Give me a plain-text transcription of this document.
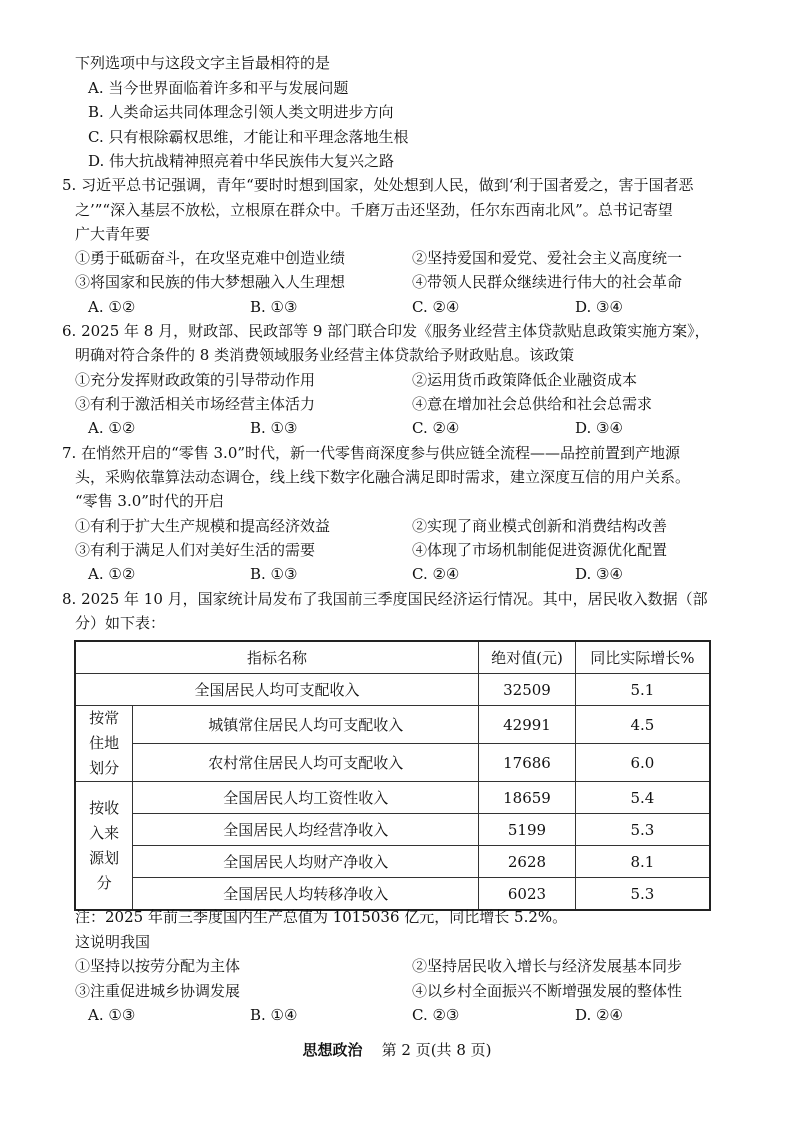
下列选项中与这段文字主旨最相符的是
A. 当今世界面临着许多和平与发展问题
B. 人类命运共同体理念引领人类文明进步方向
C. 只有根除霸权思维，才能让和平理念落地生根
D. 伟大抗战精神照亮着中华民族伟大复兴之路
5. 习近平总书记强调，青年“要时时想到国家，处处想到人民，做到‘利于国者爱之，害于国者恶
之’”“深入基层不放松，立根原在群众中。千磨万击还坚劲，任尔东西南北风”。总书记寄望
广大青年要
①勇于砥砺奋斗，在攻坚克难中创造业绩	②坚持爱国和爱党、爱社会主义高度统一
③将国家和民族的伟大梦想融入人生理想	④带领人民群众继续进行伟大的社会革命
A. ①②	B. ①③	C. ②④	D. ③④
6. 2025 年 8 月，财政部、民政部等 9 部门联合印发《服务业经营主体贷款贴息政策实施方案》，
明确对符合条件的 8 类消费领域服务业经营主体贷款给予财政贴息。该政策
①充分发挥财政政策的引导带动作用	②运用货币政策降低企业融资成本
③有利于激活相关市场经营主体活力	④意在增加社会总供给和社会总需求
A. ①②	B. ①③	C. ②④	D. ③④
7. 在悄然开启的“零售 3.0”时代，新一代零售商深度参与供应链全流程——品控前置到产地源
头，采购依靠算法动态调仓，线上线下数字化融合满足即时需求，建立深度互信的用户关系。
“零售 3.0”时代的开启
①有利于扩大生产规模和提高经济效益	②实现了商业模式创新和消费结构改善
③有利于满足人们对美好生活的需要	④体现了市场机制能促进资源优化配置
A. ①②	B. ①③	C. ②④	D. ③④
8. 2025 年 10 月，国家统计局发布了我国前三季度国民经济运行情况。其中，居民收入数据（部
分）如下表：
指标名称		绝对值(元)	同比实际增长%
全国居民人均可支配收入		32509	5.1
按常住地划分	城镇常住居民人均可支配收入	42991	4.5
	农村常住居民人均可支配收入	17686	6.0
按收入来源划分	全国居民人均工资性收入	18659	5.4
	全国居民人均经营净收入	5199	5.3
	全国居民人均财产净收入	2628	8.1
	全国居民人均转移净收入	6023	5.3
注：2025 年前三季度国内生产总值为 1015036 亿元，同比增长 5.2%。
这说明我国
①坚持以按劳分配为主体	②坚持居民收入增长与经济发展基本同步
③注重促进城乡协调发展	④以乡村全面振兴不断增强发展的整体性
A. ①③	B. ①④	C. ②③	D. ②④
思想政治 第 2 页(共 8 页)
